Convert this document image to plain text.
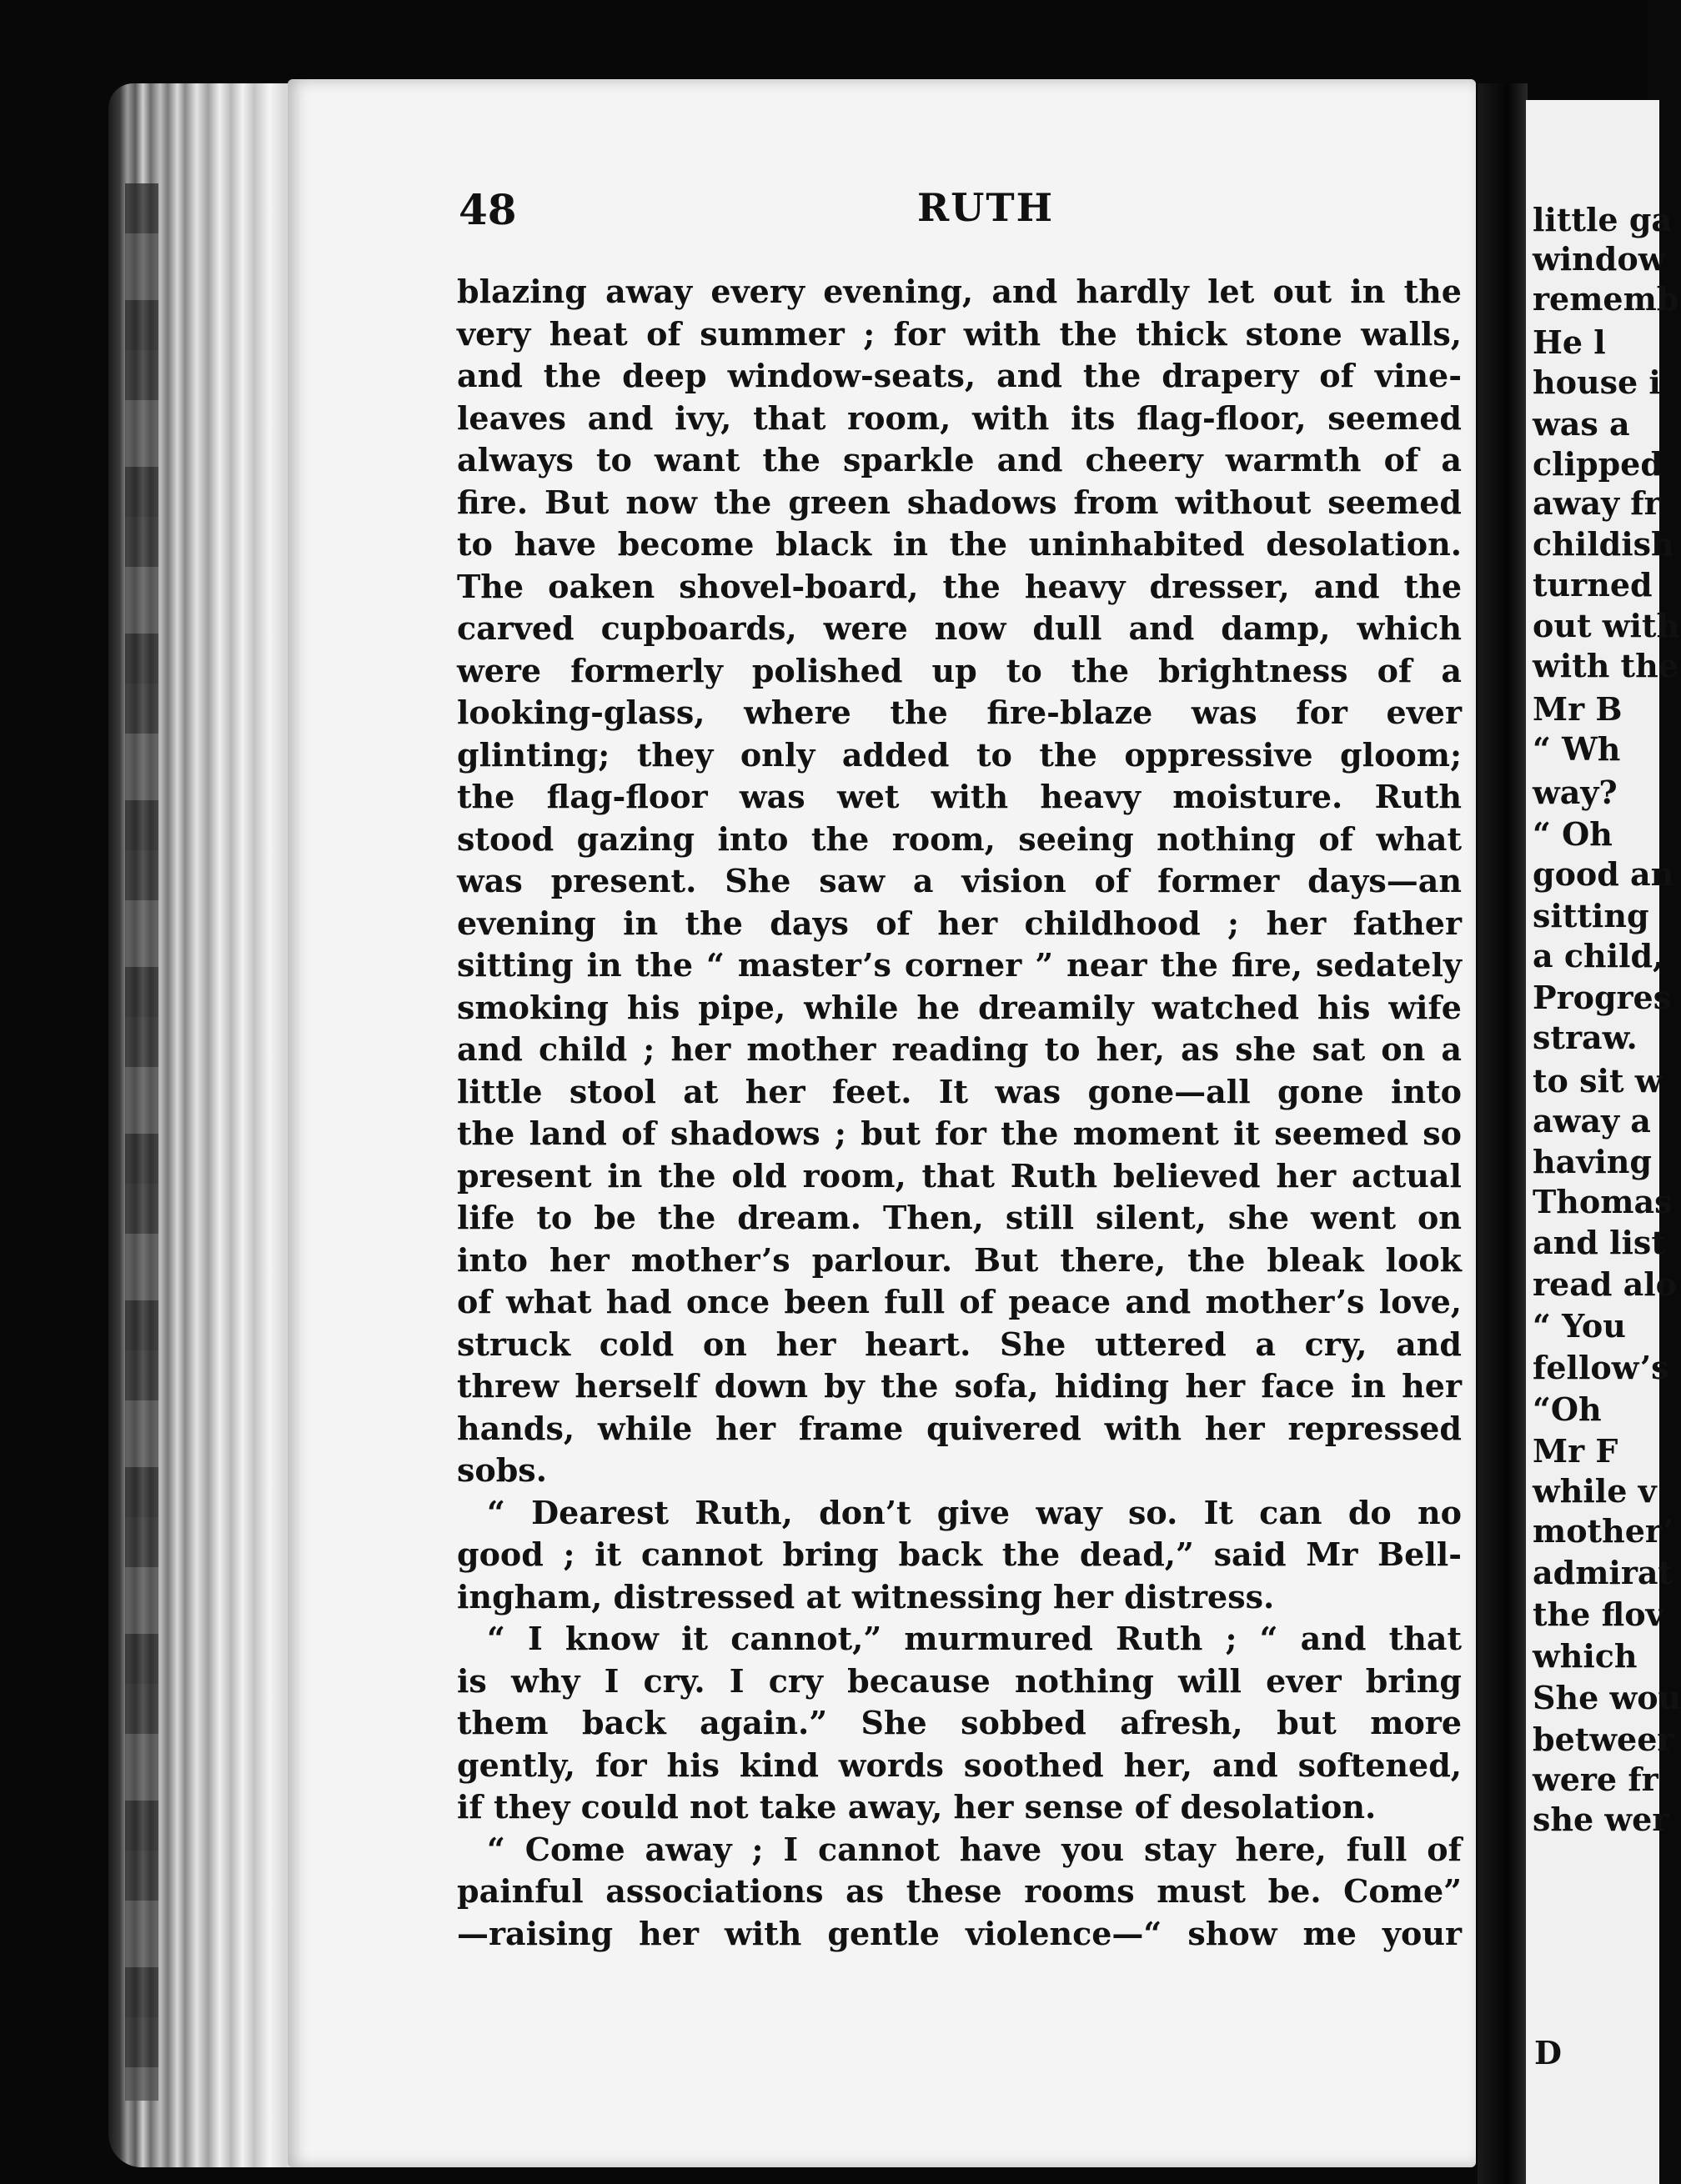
48	RUTH
blazing away every evening, and hardly let out in the
very heat of summer ; for with the thick stone walls,
and the deep window-seats, and the drapery of vine-
leaves and ivy, that room, with its flag-floor, seemed
always to want the sparkle and cheery warmth of a
fire. But now the green shadows from without seemed
to have become black in the uninhabited desolation.
The oaken shovel-board, the heavy dresser, and the
carved cupboards, were now dull and damp, which
were formerly polished up to the brightness of a
looking-glass, where the fire-blaze was for ever
glinting; they only added to the oppressive gloom;
the flag-floor was wet with heavy moisture. Ruth
stood gazing into the room, seeing nothing of what
was present. She saw a vision of former days—an
evening in the days of her childhood ; her father
sitting in the “ master’s corner ” near the fire, sedately
smoking his pipe, while he dreamily watched his wife
and child ; her mother reading to her, as she sat on a
little stool at her feet. It was gone—all gone into
the land of shadows ; but for the moment it seemed so
present in the old room, that Ruth believed her actual
life to be the dream. Then, still silent, she went on
into her mother’s parlour. But there, the bleak look
of what had once been full of peace and mother’s love,
struck cold on her heart. She uttered a cry, and
threw herself down by the sofa, hiding her face in her
hands, while her frame quivered with her repressed
sobs.
“ Dearest Ruth, don’t give way so. It can do no
good ; it cannot bring back the dead,” said Mr Bell-
ingham, distressed at witnessing her distress.
“ I know it cannot,” murmured Ruth ; “ and that
is why I cry. I cry because nothing will ever bring
them back again.” She sobbed afresh, but more
gently, for his kind words soothed her, and softened,
if they could not take away, her sense of desolation.
“ Come away ; I cannot have you stay here, full of
painful associations as these rooms must be. Come”
—raising her with gentle violence—“ show me your
little ga
window
rememb
He l
house i
was a
clipped
away fr
childish
turned
out with
with the
Mr B
“ Wh
way?
“ Oh
good an
sitting
a child,
Progres
straw.
to sit w
away a
having
Thomas
and list
read alo
“ You
fellow’s
“Oh
Mr F
while v
mother’
admirat
the flov
which
She wou
betweer
were fr
she wer
D
